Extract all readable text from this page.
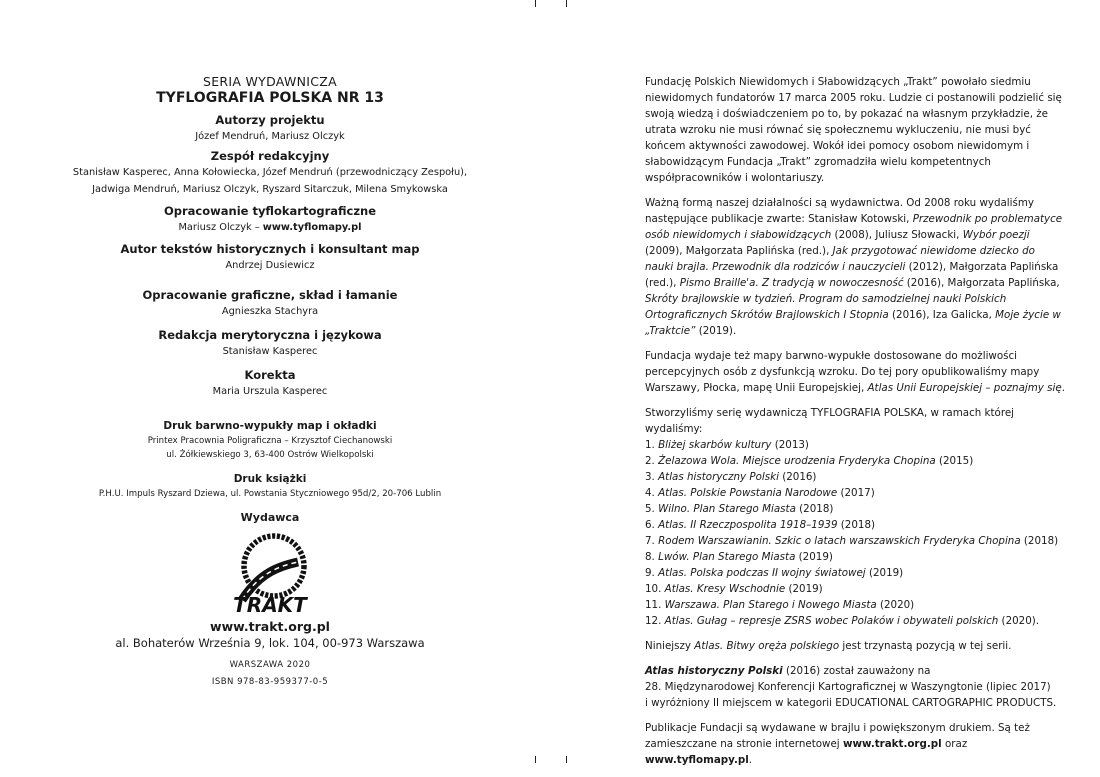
SERIA WYDAWNICZA
TYFLOGRAFIA POLSKA NR 13
Autorzy projektu
Józef Mendruń, Mariusz Olczyk
Zespół redakcyjny
Stanisław Kasperec, Anna Kołowiecka, Józef Mendruń (przewodniczący Zespołu),
Jadwiga Mendruń, Mariusz Olczyk, Ryszard Sitarczuk, Milena Smykowska
Opracowanie tyflokartograficzne
Mariusz Olczyk – www.tyflomapy.pl
Autor tekstów historycznych i konsultant map
Andrzej Dusiewicz
Opracowanie graficzne, skład i łamanie
Agnieszka Stachyra
Redakcja merytoryczna i językowa
Stanisław Kasperec
Korekta
Maria Urszula Kasperec
Druk barwno-wypukły map i okładki
Printex Pracownia Poligraficzna – Krzysztof Ciechanowski
ul. Żółkiewskiego 3, 63-400 Ostrów Wielkopolski
Druk książki
P.H.U. Impuls Ryszard Dziewa, ul. Powstania Styczniowego 95d/2, 20-706 Lublin
Wydawca
TRAKT
www.trakt.org.pl
al. Bohaterów Września 9, lok. 104, 00-973 Warszawa
WARSZAWA 2020
ISBN 978-83-959377-0-5

Fundację Polskich Niewidomych i Słabowidzących „Trakt” powołało siedmiu niewidomych fundatorów 17 marca 2005 roku. Ludzie ci postanowili podzielić się swoją wiedzą i doświadczeniem po to, by pokazać na własnym przykładzie, że utrata wzroku nie musi równać się społecznemu wykluczeniu, nie musi być końcem aktywności zawodowej. Wokół idei pomocy osobom niewidomym i słabowidzącym Fundacja „Trakt” zgromadziła wielu kompetentnych współpracowników i wolontariuszy.

Ważną formą naszej działalności są wydawnictwa. Od 2008 roku wydaliśmy następujące publikacje zwarte: Stanisław Kotowski, Przewodnik po problematyce osób niewidomych i słabowidzących (2008), Juliusz Słowacki, Wybór poezji (2009), Małgorzata Paplińska (red.), Jak przygotować niewidome dziecko do nauki brajla. Przewodnik dla rodziców i nauczycieli (2012), Małgorzata Paplińska (red.), Pismo Braille'a. Z tradycją w nowoczesność (2016), Małgorzata Paplińska, Skróty brajlowskie w tydzień. Program do samodzielnej nauki Polskich Ortograficznych Skrótów Brajlowskich I Stopnia (2016), Iza Galicka, Moje życie w „Traktcie” (2019).

Fundacja wydaje też mapy barwno-wypukłe dostosowane do możliwości percepcyjnych osób z dysfunkcją wzroku. Do tej pory opublikowaliśmy mapy Warszawy, Płocka, mapę Unii Europejskiej, Atlas Unii Europejskiej – poznajmy się.

Stworzyliśmy serię wydawniczą TYFLOGRAFIA POLSKA, w ramach której wydaliśmy:

1. Bliżej skarbów kultury (2013)
2. Żelazowa Wola. Miejsce urodzenia Fryderyka Chopina (2015)
3. Atlas historyczny Polski (2016)
4. Atlas. Polskie Powstania Narodowe (2017)
5. Wilno. Plan Starego Miasta (2018)
6. Atlas. II Rzeczpospolita 1918–1939 (2018)
7. Rodem Warszawianin. Szkic o latach warszawskich Fryderyka Chopina (2018)
8. Lwów. Plan Starego Miasta (2019)
9. Atlas. Polska podczas II wojny światowej (2019)
10. Atlas. Kresy Wschodnie (2019)
11. Warszawa. Plan Starego i Nowego Miasta (2020)
12. Atlas. Gułag – represje ZSRS wobec Polaków i obywateli polskich (2020).

Niniejszy Atlas. Bitwy oręża polskiego jest trzynastą pozycją w tej serii.

Atlas historyczny Polski (2016) został zauważony na
28. Międzynarodowej Konferencji Kartograficznej w Waszyngtonie (lipiec 2017)
i wyróżniony II miejscem w kategorii EDUCATIONAL CARTOGRAPHIC PRODUCTS.

Publikacje Fundacji są wydawane w brajlu i powiększonym drukiem. Są też zamieszczane na stronie internetowej www.trakt.org.pl oraz www.tyflomapy.pl.
